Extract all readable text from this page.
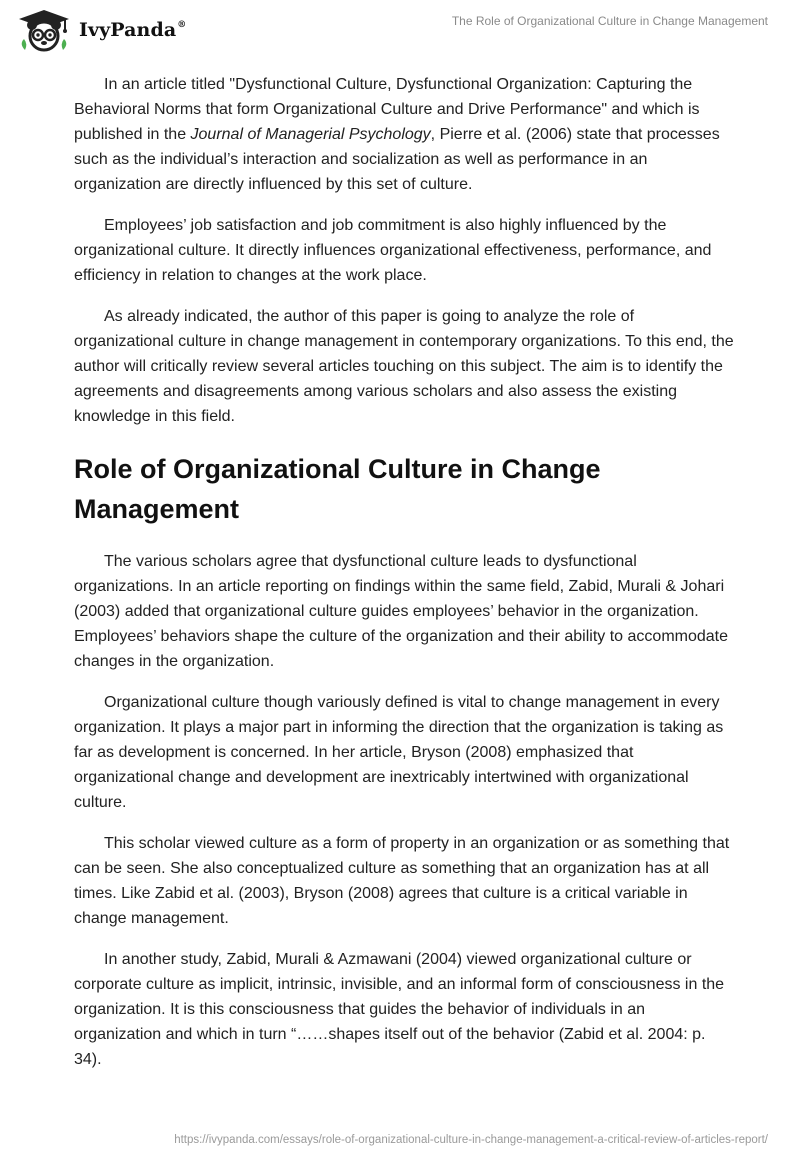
IvyPanda®	The Role of Organizational Culture in Change Management

In an article titled "Dysfunctional Culture, Dysfunctional Organization: Capturing the Behavioral Norms that form Organizational Culture and Drive Performance" and which is published in the Journal of Managerial Psychology, Pierre et al. (2006) state that processes such as the individual’s interaction and socialization as well as performance in an organization are directly influenced by this set of culture.

Employees’ job satisfaction and job commitment is also highly influenced by the organizational culture. It directly influences organizational effectiveness, performance, and efficiency in relation to changes at the work place.

As already indicated, the author of this paper is going to analyze the role of organizational culture in change management in contemporary organizations. To this end, the author will critically review several articles touching on this subject. The aim is to identify the agreements and disagreements among various scholars and also assess the existing knowledge in this field.

Role of Organizational Culture in Change Management

The various scholars agree that dysfunctional culture leads to dysfunctional organizations. In an article reporting on findings within the same field, Zabid, Murali & Johari (2003) added that organizational culture guides employees’ behavior in the organization. Employees’ behaviors shape the culture of the organization and their ability to accommodate changes in the organization.

Organizational culture though variously defined is vital to change management in every organization. It plays a major part in informing the direction that the organization is taking as far as development is concerned. In her article, Bryson (2008) emphasized that organizational change and development are inextricably intertwined with organizational culture.

This scholar viewed culture as a form of property in an organization or as something that can be seen. She also conceptualized culture as something that an organization has at all times. Like Zabid et al. (2003), Bryson (2008) agrees that culture is a critical variable in change management.

In another study, Zabid, Murali & Azmawani (2004) viewed organizational culture or corporate culture as implicit, intrinsic, invisible, and an informal form of consciousness in the organization. It is this consciousness that guides the behavior of individuals in an organization and which in turn “……shapes itself out of the behavior (Zabid et al. 2004: p. 34).

https://ivypanda.com/essays/role-of-organizational-culture-in-change-management-a-critical-review-of-articles-report/
